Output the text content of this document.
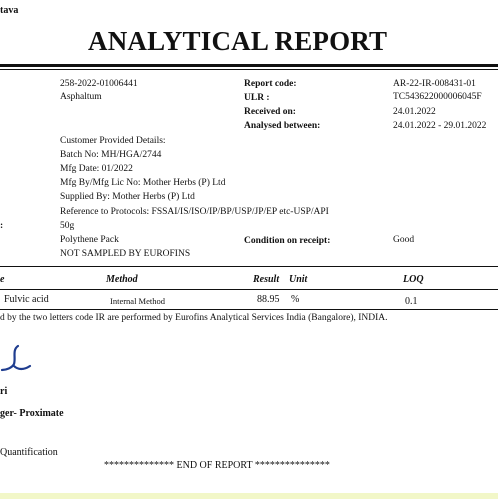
tava
ANALYTICAL REPORT
258-2022-01006441
Asphaltum
Report code:	AR-22-IR-008431-01
ULR :	TC543622000006045F
Received on:	24.01.2022
Analysed between:	24.01.2022 - 29.01.2022
Customer Provided Details:
Batch No: MH/HGA/2744
Mfg Date: 01/2022
Mfg By/Mfg Lic No: Mother Herbs (P) Ltd
Supplied By: Mother Herbs (P) Ltd
Reference to Protocols: FSSAI/IS/ISO/IP/BP/USP/JP/EP etc-USP/API
:	50g
Polythene Pack	Condition on receipt:	Good
NOT SAMPLED BY EUROFINS
e	Method	Result Unit	LOQ
Fulvic acid	Internal Method	88.95 %	0.1
d by the two letters code IR are performed by Eurofins Analytical Services India (Bangalore), INDIA.
ri
ger- Proximate
Quantification
************** END OF REPORT ***************
